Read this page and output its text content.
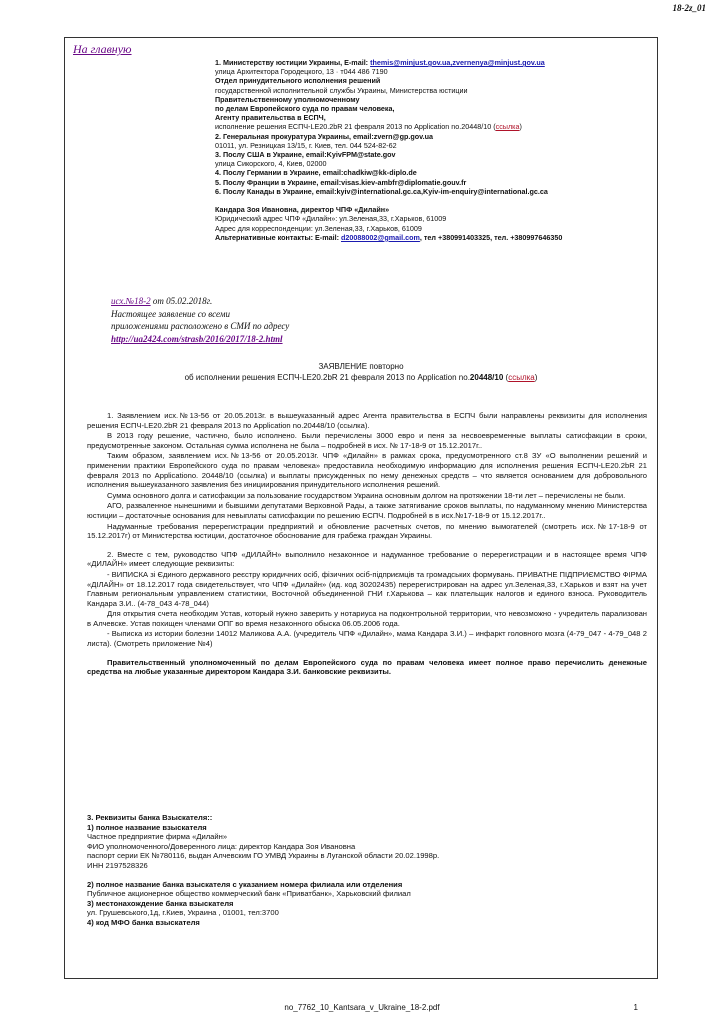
18-2z_01
На главную
1. Министерству юстиции Украины, E-mail: themis@minjust.gov.ua,zvernenya@minjust.gov.ua
улица Архитектора Городецкого, 13 · т044 486 7190
Отдел принудительного исполнения решений
государственной исполнительной службы Украины, Министерства юстиции
Правительственному уполномоченному
по делам Европейского суда по правам человека,
Агенту правительства в ЕСПЧ,
исполнение решения ЕСПЧ-LE20.2bR 21 февраля 2013 по Application no.20448/10 (ссылка)
2. Генеральная прокуратура Украины, email:zvern@gp.gov.ua
01011, ул. Резницкая 13/15, г. Киев, тел. 044 524-82-62
3. Послу США в Украине, email:KyivFPM@state.gov
улица Сикорского, 4, Киев, 02000
4. Послу Германии в Украине, email:chadkiw@kk-diplo.de
5. Послу Франции в Украине, email:visas.kiev-ambfr@diplomatie.gouv.fr
6. Послу Канады в Украине, email:kyiv@international.gc.ca,Kyiv-im-enquiry@international.gc.ca

Кандара Зоя Ивановна, директор ЧПФ «Дилайн»
Юридический адрес ЧПФ «Дилайн»: ул.Зеленая,33, г.Харьков, 61009
Адрес для корреспонденции: ул.Зеленая,33, г.Харьков, 61009
Альтернативные контакты: E-mail: d20088002@gmail.com, тел +380991403325, тел. +380997646350
исх.№18-2 от 05.02.2018г.
Настоящее заявление со всеми
приложениями расположено в СМИ по адресу
http://ua2424.com/strasb/2016/2017/18-2.html
ЗАЯВЛЕНИЕ повторно
об исполнении решения ЕСПЧ-LE20.2bR 21 февраля 2013 по Application no.20448/10 (ссылка)

1. Заявлением исх.№13-56 от 20.05.2013г. в вышеуказанный адрес Агента правительства в ЕСПЧ были направлены реквизиты для исполнения решения ЕСПЧ-LE20.2bR 21 февраля 2013 по Application no.20448/10 (ссылка).

В 2013 году решение, частично, было исполнено. Были перечислены 3000 евро и пеня за несвоевременные выплаты сатисфакции в сроки, предусмотренные законом. Остальная сумма исполнена не была – подробней в исх. № 17-18-9 от 15.12.2017г..

Таким образом, заявлением исх.№13-56 от 20.05.2013г. ЧПФ «Дилайн» в рамках срока, предусмотренного ст.8 ЗУ «О выполнении решений и применении практики Европейского суда по правам человека» предоставила необходимую информацию для исполнения решения ЕСПЧ-LE20.2bR 21 февраля 2013 по Applicationo. 20448/10 (ссылка) и выплаты присужденных по нему денежных средств – что является основанием для добровольного исполнения вышеуказанного заявления без инициирования принудительного исполнения решений.

Сумма основного долга и сатисфакции за пользование государством Украина основным долгом на протяжении 18-ти лет – перечислены не были.

АГО, разваленное нынешними и бывшими депутатами Верховной Рады, а также затягивание сроков выплаты, по надуманному мнению Министерства юстиции – достаточные основания для невыплаты сатисфакции по решению ЕСПЧ. Подробней в в исх.№17-18-9 от 15.12.2017г..

Надуманные требования перерегистрации предприятий и обновление расчетных счетов, по мнению вымогателей (смотреть исх.№17-18-9 от 15.12.2017г) от Министерства юстиции, достаточное обоснование для грабежа граждан Украины.

2. Вместе с тем, руководство ЧПФ «ДИЛАЙН» выполнило незаконное и надуманное требование о перерегистрации и в настоящее время ЧПФ «ДИЛАЙН» имеет следующие реквизиты:

- ВИПИСКА зі Єдиного державного реєстру юридичних осіб, фізичних осіб-підприємців та громадських формувань. ПРИВАТНЕ ПІДПРИЄМСТВО ФІРМА «ДІЛАЙН» от 18.12.2017 года свидетельствует, что ЧПФ «Дилайн» (ид. код 30202435) перерегистрирован на адрес ул.Зеленая,33, г.Харьков и взят на учет Главным региональным управлением статистики, Восточной объединенной ГНИ г.Харькова – как плательщик налогов и единого взноса. Руководитель Кандара З.И.. (4-78_043 4-78_044)

Для открытия счета необходим Устав, который нужно заверить у нотариуса на подконтрольной территории, что невозможно - учредитель парализован в Алчевске. Устав похищен членами ОПГ во время незаконного обыска 06.05.2006 года.

- Выписка из истории болезни 14012 Маликова А.А. (учредитель ЧПФ «Дилайн», мама Кандара З.И.) – инфаркт головного мозга (4-79_047 - 4-79_048 2 листа). (Смотреть приложение №4)

Правительственный уполномоченный по делам Европейского суда по правам человека имеет полное право перечислить денежные средства на любые указанные директором Кандара З.И. банковские реквизиты.

3. Реквизиты банка Взыскателя::
1) полное название взыскателя
Частное предприятие фирма «Дилайн»
ФИО уполномоченного/Доверенного лица: директор Кандара Зоя Ивановна
паспорт серии ЕК №780116, выдан Алчевским ГО УМВД Украины в Луганской области 20.02.1998р.
ИНН 2197528326
2) полное название банка взыскателя с указанием номера филиала или отделения
Публичное акционерное общество коммерческий банк «Приватбанк», Харьковский филиал
3) местонахождение банка взыскателя
ул. Грушевського,1д, г.Киев, Украина , 01001, тел:3700
4) код МФО банка взыскателя
no_7762_10_Kantsara_v_Ukraine_18-2.pdf	1
